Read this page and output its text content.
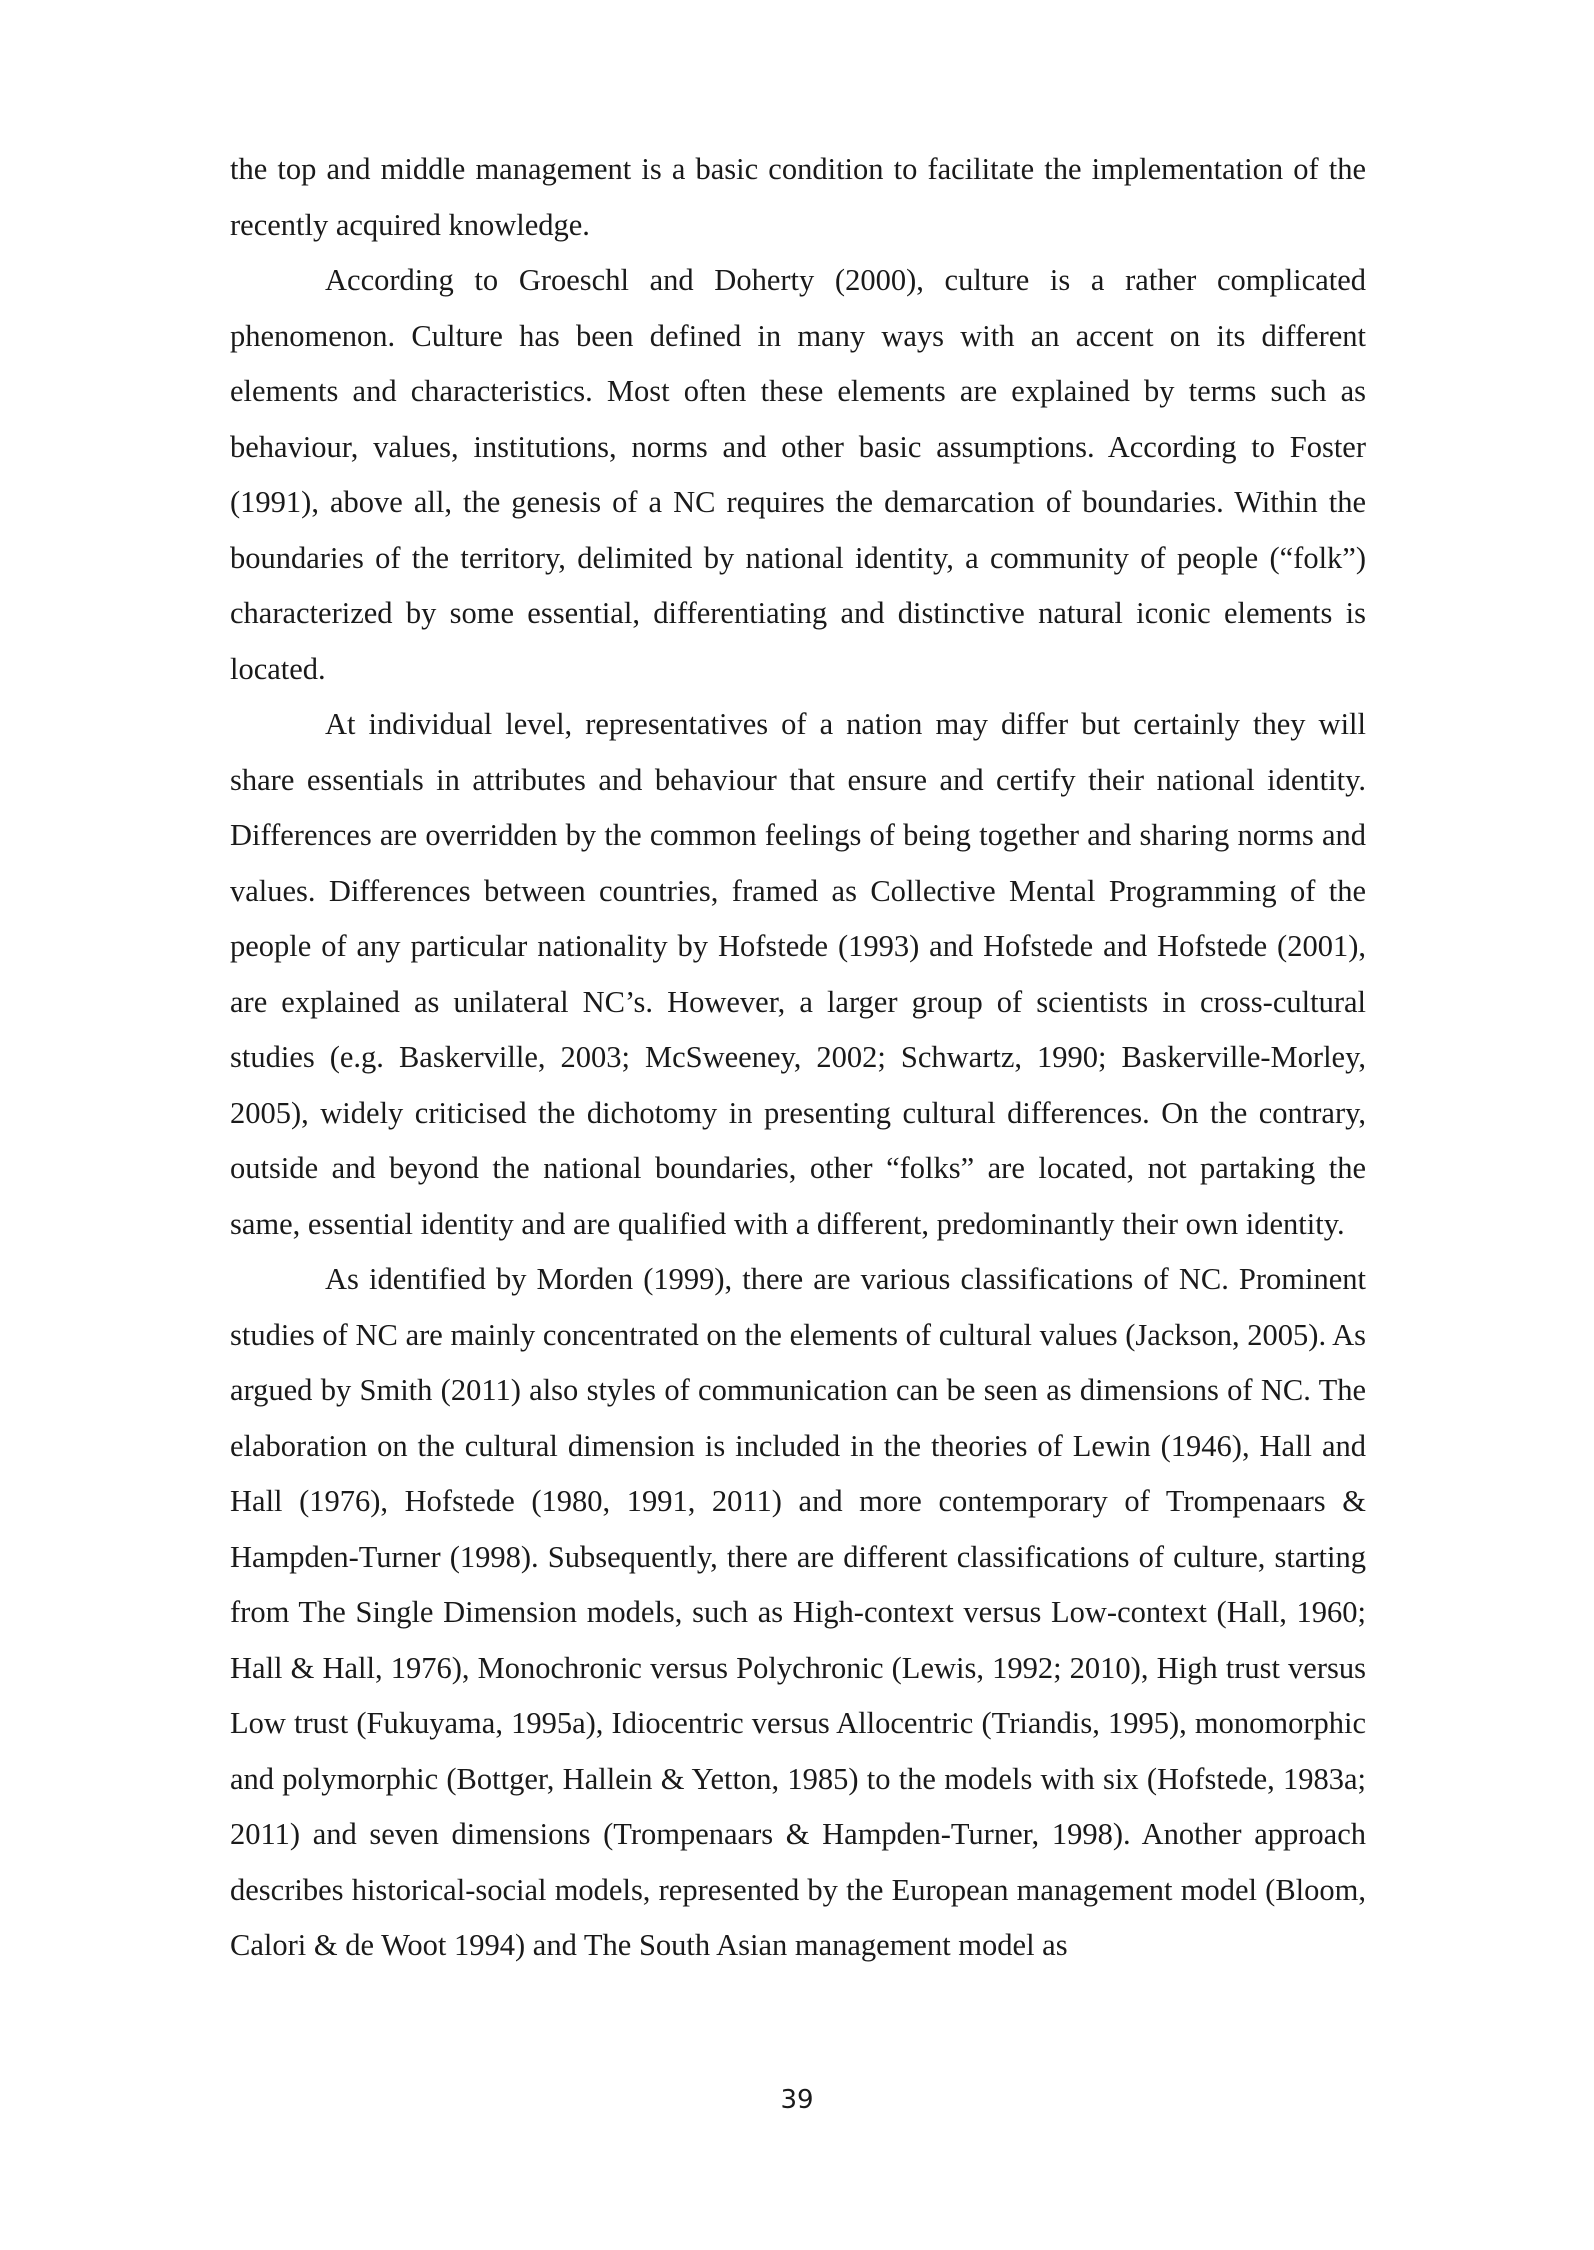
the top and middle management is a basic condition to facilitate the implementation of the recently acquired knowledge.

According to Groeschl and Doherty (2000), culture is a rather complicated phenomenon. Culture has been defined in many ways with an accent on its different elements and characteristics. Most often these elements are explained by terms such as behaviour, values, institutions, norms and other basic assumptions. According to Foster (1991), above all, the genesis of a NC requires the demarcation of boundaries. Within the boundaries of the territory, delimited by national identity, a community of people (“folk”) characterized by some essential, differentiating and distinctive natural iconic elements is located.

At individual level, representatives of a nation may differ but certainly they will share essentials in attributes and behaviour that ensure and certify their national identity. Differences are overridden by the common feelings of being together and sharing norms and values. Differences between countries, framed as Collective Mental Programming of the people of any particular nationality by Hofstede (1993) and Hofstede and Hofstede (2001), are explained as unilateral NC’s. However, a larger group of scientists in cross-cultural studies (e.g. Baskerville, 2003; McSweeney, 2002; Schwartz, 1990; Baskerville-Morley, 2005), widely criticised the dichotomy in presenting cultural differences. On the contrary, outside and beyond the national boundaries, other “folks” are located, not partaking the same, essential identity and are qualified with a different, predominantly their own identity.

As identified by Morden (1999), there are various classifications of NC. Prominent studies of NC are mainly concentrated on the elements of cultural values (Jackson, 2005). As argued by Smith (2011) also styles of communication can be seen as dimensions of NC. The elaboration on the cultural dimension is included in the theories of Lewin (1946), Hall and Hall (1976), Hofstede (1980, 1991, 2011) and more contemporary of Trompenaars & Hampden-Turner (1998). Subsequently, there are different classifications of culture, starting from The Single Dimension models, such as High-context versus Low-context (Hall, 1960; Hall & Hall, 1976), Monochronic versus Polychronic (Lewis, 1992; 2010), High trust versus Low trust (Fukuyama, 1995a), Idiocentric versus Allocentric (Triandis, 1995), monomorphic and polymorphic (Bottger, Hallein & Yetton, 1985) to the models with six (Hofstede, 1983a; 2011) and seven dimensions (Trompenaars & Hampden-Turner, 1998). Another approach describes historical-social models, represented by the European management model (Bloom, Calori & de Woot 1994) and The South Asian management model as

39
